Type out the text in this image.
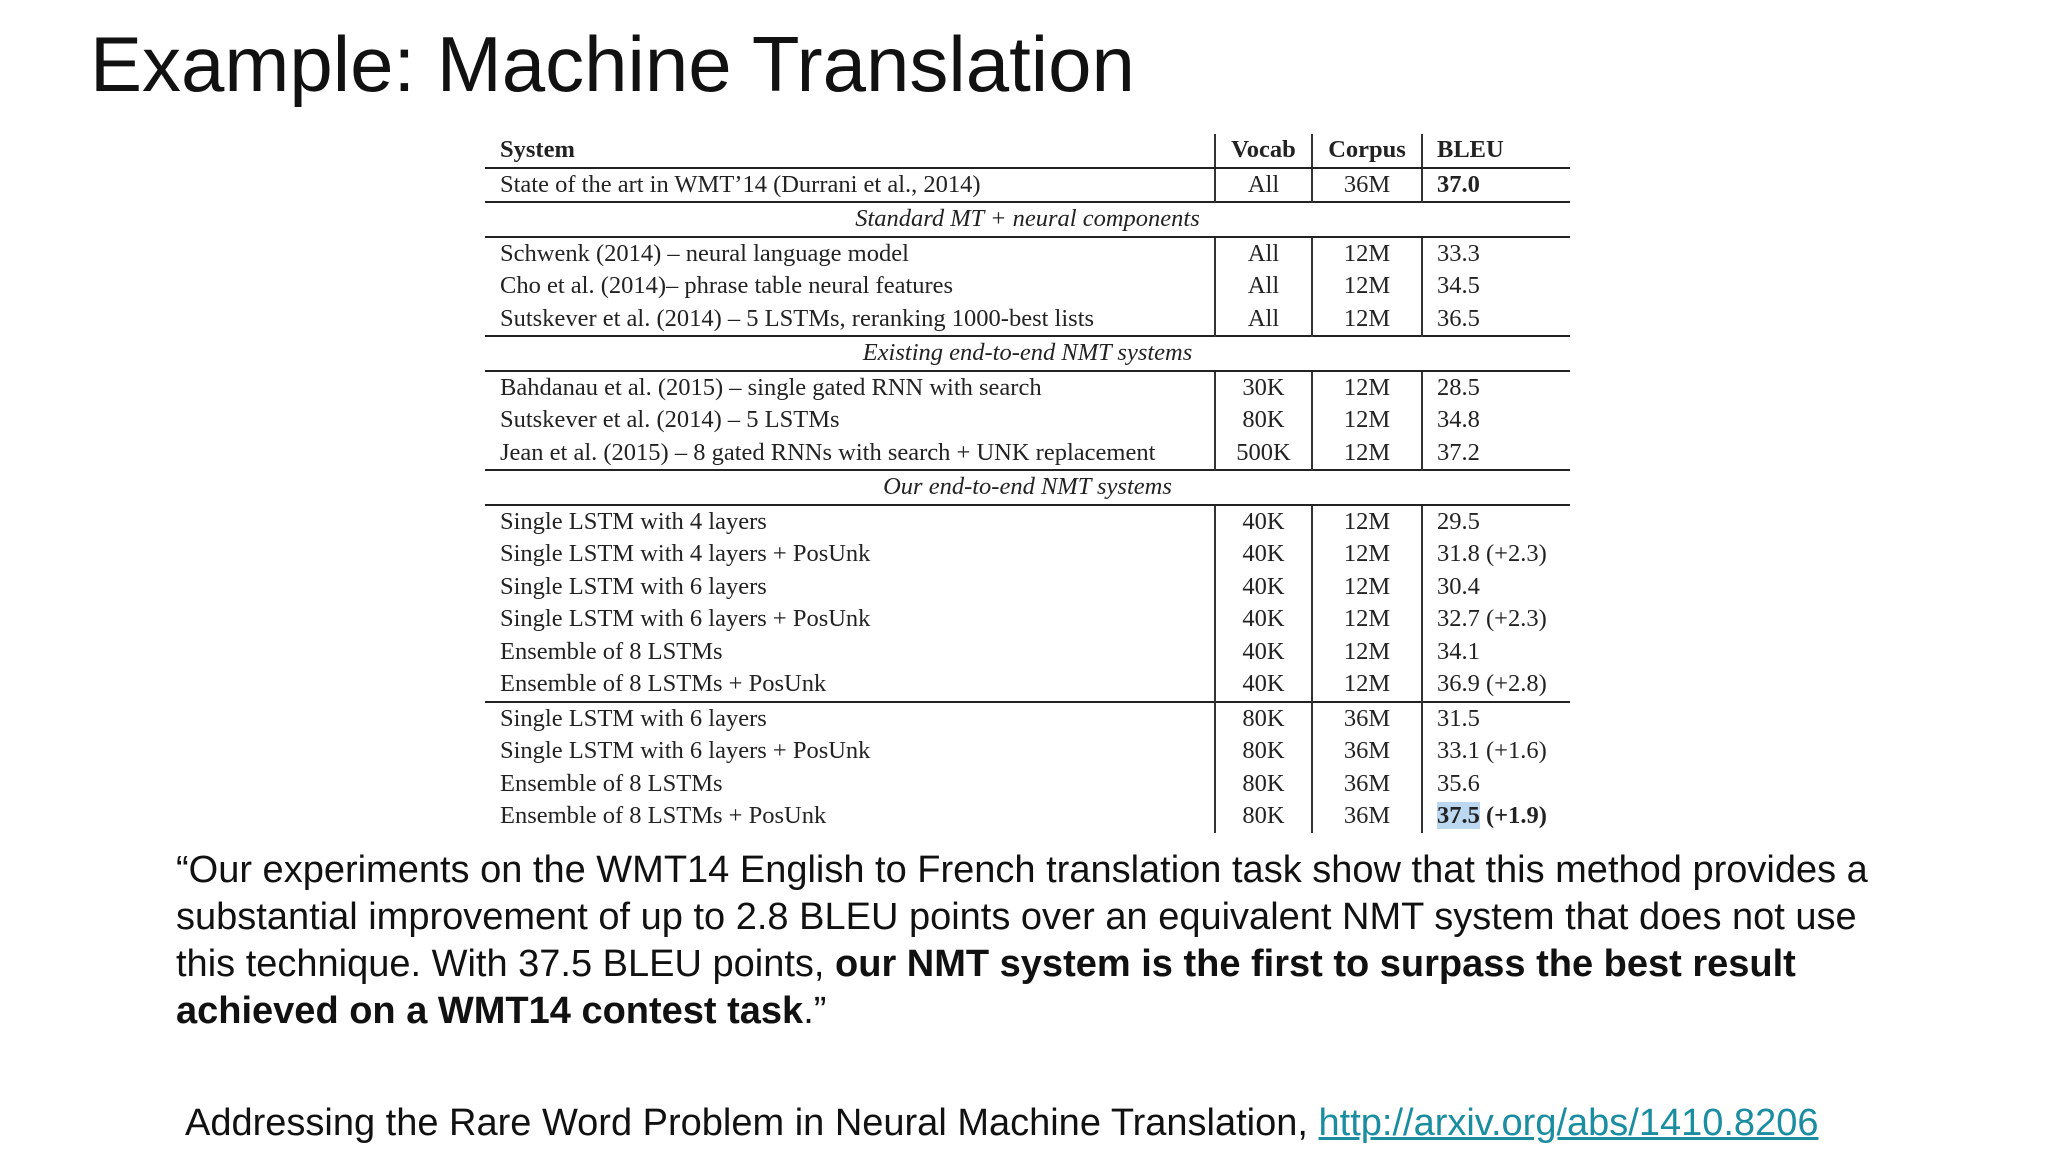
Example: Machine Translation
System	Vocab	Corpus	BLEU
State of the art in WMT’14 (Durrani et al., 2014)	All	36M	37.0
Standard MT + neural components			
Schwenk (2014) – neural language model	All	12M	33.3
Cho et al. (2014)– phrase table neural features	All	12M	34.5
Sutskever et al. (2014) – 5 LSTMs, reranking 1000-best lists	All	12M	36.5
Existing end-to-end NMT systems			
Bahdanau et al. (2015) – single gated RNN with search	30K	12M	28.5
Sutskever et al. (2014) – 5 LSTMs	80K	12M	34.8
Jean et al. (2015) – 8 gated RNNs with search + UNK replacement	500K	12M	37.2
Our end-to-end NMT systems			
Single LSTM with 4 layers	40K	12M	29.5
Single LSTM with 4 layers + PosUnk	40K	12M	31.8 (+2.3)
Single LSTM with 6 layers	40K	12M	30.4
Single LSTM with 6 layers + PosUnk	40K	12M	32.7 (+2.3)
Ensemble of 8 LSTMs	40K	12M	34.1
Ensemble of 8 LSTMs + PosUnk	40K	12M	36.9 (+2.8)
Single LSTM with 6 layers	80K	36M	31.5
Single LSTM with 6 layers + PosUnk	80K	36M	33.1 (+1.6)
Ensemble of 8 LSTMs	80K	36M	35.6
Ensemble of 8 LSTMs + PosUnk	80K	36M	37.5 (+1.9)
“Our experiments on the WMT14 English to French translation task show that this method provides a substantial improvement of up to 2.8 BLEU points over an equivalent NMT system that does not use this technique. With 37.5 BLEU points, our NMT system is the first to surpass the best result achieved on a WMT14 contest task.”
Addressing the Rare Word Problem in Neural Machine Translation, http://arxiv.org/abs/1410.8206
